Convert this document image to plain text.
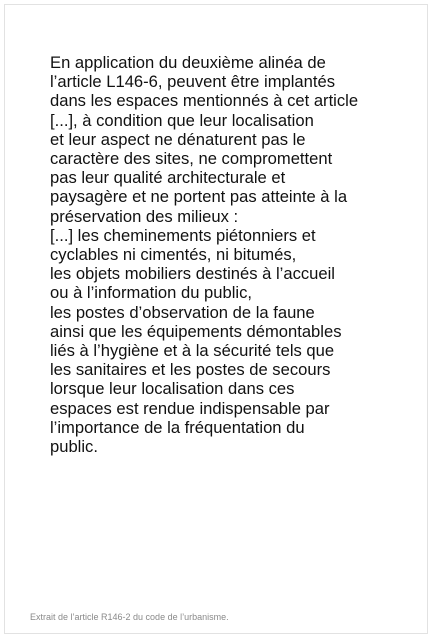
En application du deuxième alinéa de
l’article L146-6, peuvent être implantés
dans les espaces mentionnés à cet article
[...], à condition que leur localisation
et leur aspect ne dénaturent pas le
caractère des sites, ne compromettent
pas leur qualité architecturale et
paysagère et ne portent pas atteinte à la
préservation des milieux :
[...] les cheminements piétonniers et
cyclables ni cimentés, ni bitumés,
les objets mobiliers destinés à l’accueil
ou à l’information du public,
les postes d’observation de la faune
ainsi que les équipements démontables
liés à l’hygiène et à la sécurité tels que
les sanitaires et les postes de secours
lorsque leur localisation dans ces
espaces est rendue indispensable par
l’importance de la fréquentation du
public.

Extrait de l’article R146-2 du code de l’urbanisme.
